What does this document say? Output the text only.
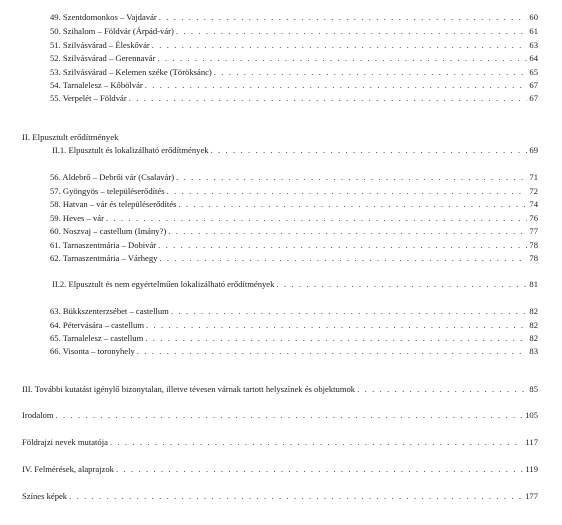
49. Szentdomonkos – Vajdavár . . .	60
50. Szihalom – Földvár (Árpád-vár) . . .	61
51. Szilvásvárad – Éleskővár . . .	63
52. Szilvásvárad – Gerennavár . . .	64
53. Szilvásvárad – Kelemen széke (Töröksánc) . . .	65
54. Tarnalelesz – Kőbölvár . . .	67
55. Verpelét – Földvár . . .	67
II. Elpusztult erődítmények
II.1. Elpusztult és lokalizálható erődítmények . . .	69
56. Aldebrő – Debrői vár (Csalavár) . . .	71
57. Gyöngyös – településerődítés . . .	72
58. Hatvan – vár és településerődítés . . .	74
59. Heves – vár . . .	76
60. Noszvaj – castellum (Imány?) . . .	77
61. Tarnaszentmária – Dobivár . . .	78
62. Tarnaszentmária – Várhegy . . .	78
II.2. Elpusztult és nem egyértelműen lokalizálható erődítmények . . .	81
63. Bükkszenterzsébet – castellum . . .	82
64. Pétervására – castellum . . .	82
65. Tarnalelesz – castellum . . .	82
66. Visonta – toronyhely . . .	83
III. További kutatást igénylő bizonytalan, illetve tévesen várnak tartott helyszínek és objektumok . . .	85
Irodalom . . .	105
Földrajzi nevek mutatója . . .	117
IV. Felmérések, alaprajzok . . .	119
Színes képek . . .	177
